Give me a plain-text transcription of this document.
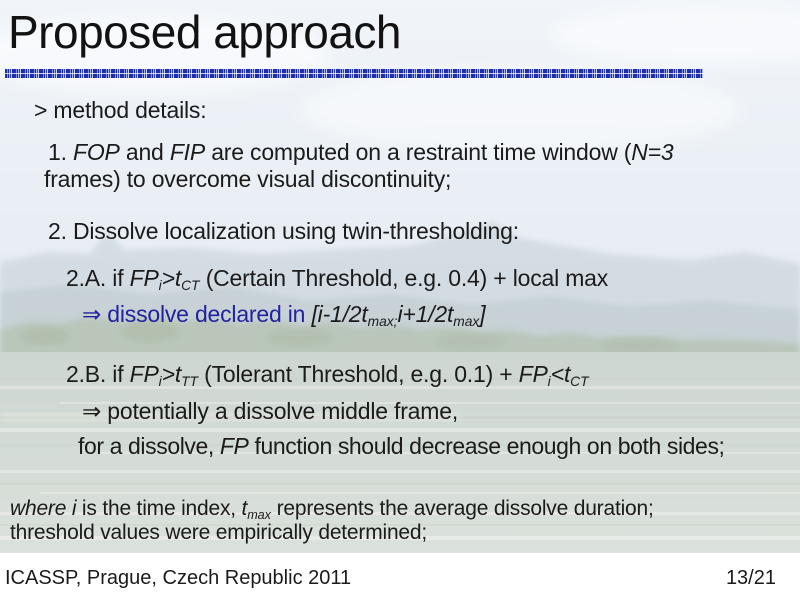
Proposed approach
> method details:
1. FOP and FIP are computed on a restraint time window (N=3
frames) to overcome visual discontinuity;
2. Dissolve localization using twin-thresholding:
2.A. if FPi>tCT (Certain Threshold, e.g. 0.4) + local max
⇒ dissolve declared in [i-1/2tmax;i+1/2tmax]
2.B. if FPi>tTT (Tolerant Threshold, e.g. 0.1) + FPi<tCT
⇒ potentially a dissolve middle frame,
for a dissolve, FP function should decrease enough on both sides;
where i is the time index, tmax represents the average dissolve duration;
threshold values were empirically determined;
ICASSP, Prague, Czech Republic 2011	13/21
